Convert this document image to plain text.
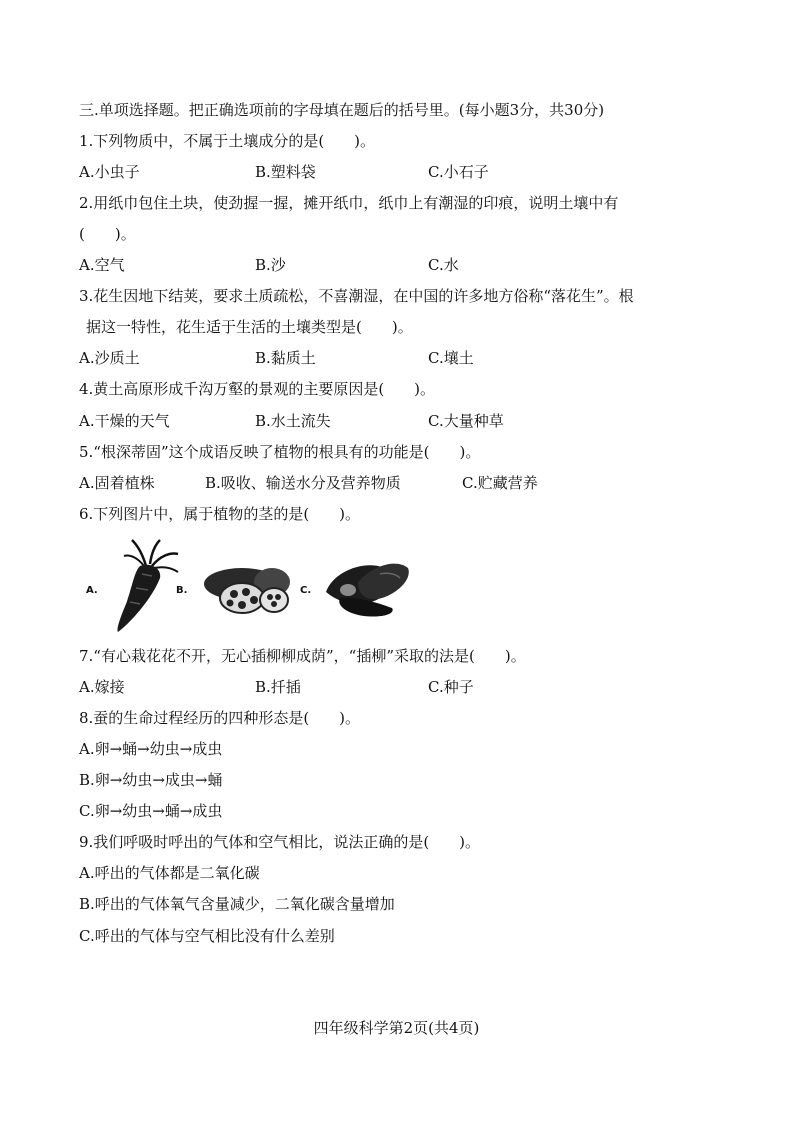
三.单项选择题。把正确选项前的字母填在题后的括号里。(每小题3分，共30分)
1.下列物质中，不属于土壤成分的是(　　)。
A.小虫子	B.塑料袋	C.小石子
2.用纸巾包住土块，使劲握一握，摊开纸巾，纸巾上有潮湿的印痕，说明土壤中有
(　　)。
A.空气	B.沙	C.水
3.花生因地下结荚，要求土质疏松，不喜潮湿，在中国的许多地方俗称“落花生”。根
据这一特性，花生适于生活的土壤类型是(　　)。
A.沙质土	B.黏质土	C.壤土
4.黄土高原形成千沟万壑的景观的主要原因是(　　)。
A.干燥的天气	B.水土流失	C.大量种草
5.“根深蒂固”这个成语反映了植物的根具有的功能是(　　)。
A.固着植株	B.吸收、输送水分及营养物质	C.贮藏营养
6.下列图片中，属于植物的茎的是(　　)。
A.	B.	C.
7.“有心栽花花不开，无心插柳柳成荫”，“插柳”采取的法是(　　)。
A.嫁接	B.扦插	C.种子
8.蚕的生命过程经历的四种形态是(　　)。
A.卵→蛹→幼虫→成虫
B.卵→幼虫→成虫→蛹
C.卵→幼虫→蛹→成虫
9.我们呼吸时呼出的气体和空气相比，说法正确的是(　　)。
A.呼出的气体都是二氧化碳
B.呼出的气体氧气含量减少，二氧化碳含量增加
C.呼出的气体与空气相比没有什么差别
四年级科学第2页(共4页)
